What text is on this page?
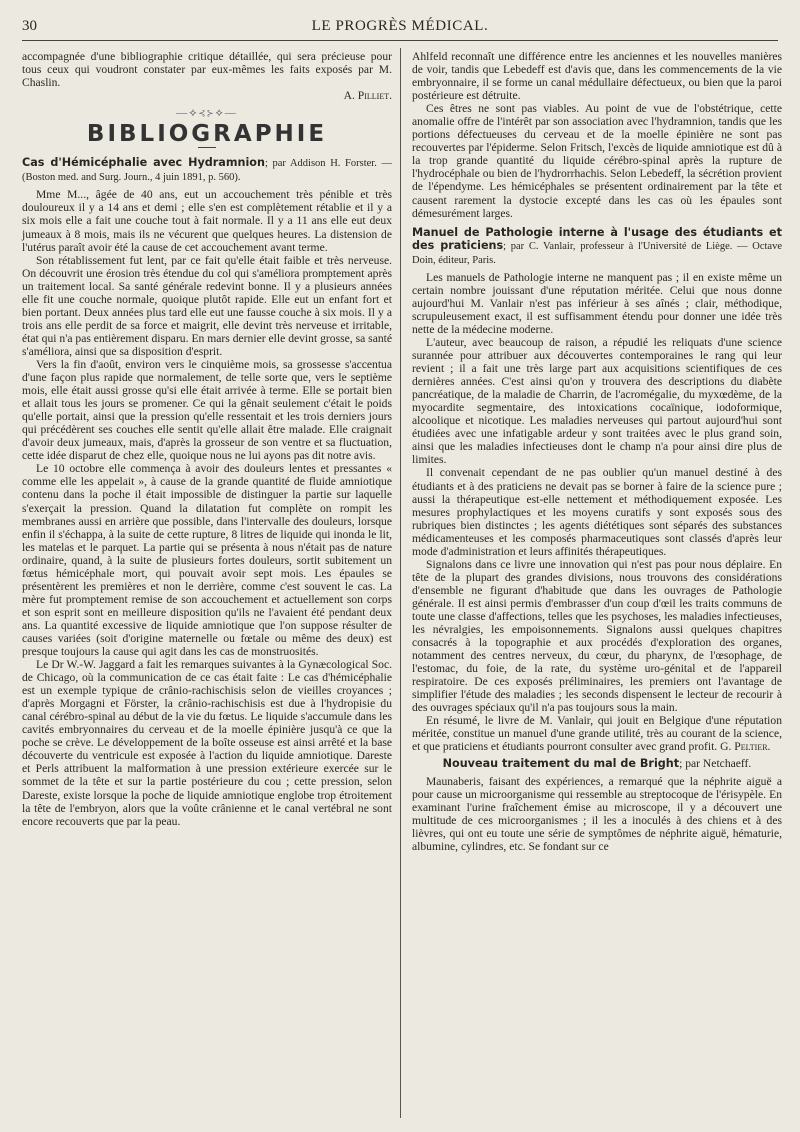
30	LE PROGRÈS MÉDICAL.

accompagnée d'une bibliographie critique détaillée, qui sera précieuse pour tous ceux qui voudront constater par eux-mêmes les faits exposés par M. Chaslin.

A. Pilliet.

—⟡⊰⊱⟡—
BIBLIOGRAPHIE

Cas d'Hémicéphalie avec Hydramnion; par Addison H. Forster. — (Boston med. and Surg. Journ., 4 juin 1891, p. 560).

Mme M..., âgée de 40 ans, eut un accouchement très pénible et très douloureux il y a 14 ans et demi ; elle s'en est complètement rétablie et il y a six mois elle a fait une couche tout à fait normale. Il y a 11 ans elle eut deux jumeaux à 8 mois, mais ils ne vécurent que quelques heures. La distension de l'utérus paraît avoir été la cause de cet accouchement avant terme.

Son rétablissement fut lent, par ce fait qu'elle était faible et très nerveuse. On découvrit une érosion très étendue du col qui s'améliora promptement après un traitement local. Sa santé générale redevint bonne. Il y a plusieurs années elle fit une couche normale, quoique plutôt rapide. Elle eut un enfant fort et bien portant. Deux années plus tard elle eut une fausse couche à six mois. Il y a trois ans elle perdit de sa force et maigrit, elle devint très nerveuse et irritable, état qui n'a pas entièrement disparu. En mars dernier elle devint grosse, sa santé s'améliora, ainsi que sa disposition d'esprit.

Vers la fin d'août, environ vers le cinquième mois, sa grossesse s'accentua d'une façon plus rapide que normalement, de telle sorte que, vers le septième mois, elle était aussi grosse qu'si elle était arrivée à terme. Elle se portait bien et allait tous les jours se promener. Ce qui la gênait seulement c'était le poids qu'elle portait, ainsi que la pression qu'elle ressentait et les trois derniers jours qui précédèrent ses couches elle sentit qu'elle allait être malade. Elle craignait d'avoir deux jumeaux, mais, d'après la grosseur de son ventre et sa fluctuation, cette idée disparut de chez elle, quoique nous ne lui ayons pas dit notre avis.

Le 10 octobre elle commença à avoir des douleurs lentes et pressantes « comme elle les appelait », à cause de la grande quantité de fluide amniotique contenu dans la poche il était impossible de distinguer la partie sur laquelle s'exerçait la pression. Quand la dilatation fut complète on rompit les membranes aussi en arrière que possible, dans l'intervalle des douleurs, lorsque enfin il s'échappa, à la suite de cette rupture, 8 litres de liquide qui inonda le lit, les matelas et le parquet. La partie qui se présenta à nous n'était pas de nature ordinaire, quand, à la suite de plusieurs fortes douleurs, sortit subitement un fœtus hémicéphale mort, qui pouvait avoir sept mois. Les épaules se présentèrent les premières et non le derrière, comme c'est souvent le cas. La mère fut promptement remise de son accouchement et actuellement son corps et son esprit sont en meilleure disposition qu'ils ne l'avaient été pendant deux ans. La quantité excessive de liquide amniotique que l'on suppose résulter de causes variées (soit d'origine maternelle ou fœtale ou même des deux) est presque toujours la cause qui agit dans les cas de monstruosités.

Le Dr W.-W. Jaggard a fait les remarques suivantes à la Gynæcological Soc. de Chicago, où la communication de ce cas était faite : Le cas d'hémicéphalie est un exemple typique de crânio-rachischisis selon de vieilles croyances ; d'après Morgagni et Förster, la crânio-rachischisis est due à l'hydropisie du canal cérébro-spinal au début de la vie du fœtus. Le liquide s'accumule dans les cavités embryonnaires du cerveau et de la moelle épinière jusqu'à ce que la poche se crève. Le développement de la boîte osseuse est ainsi arrêté et la base découverte du ventricule est exposée à l'action du liquide amniotique. Dareste et Perls attribuent la malformation à une pression extérieure exercée sur le sommet de la tête et sur la partie postérieure du cou ; cette pression, selon Dareste, existe lorsque la poche de liquide amniotique englobe trop étroitement la tête de l'embryon, alors que la voûte crânienne et le canal vertébral ne sont encore recouverts que par la peau.

Ahlfeld reconnaît une différence entre les anciennes et les nouvelles manières de voir, tandis que Lebedeff est d'avis que, dans les commencements de la vie embryonnaire, il se forme un canal médullaire défectueux, ou bien que la paroi postérieure est détruite.

Ces êtres ne sont pas viables. Au point de vue de l'obstétrique, cette anomalie offre de l'intérêt par son association avec l'hydramnion, tandis que les portions défectueuses du cerveau et de la moelle épinière ne sont pas recouvertes par l'épiderme. Selon Fritsch, l'excès de liquide amniotique est dû à la trop grande quantité du liquide cérébro-spinal après la rupture de l'hydrocéphale ou bien de l'hydrorrhachis. Selon Lebedeff, la sécrétion provient de l'épendyme. Les hémicéphales se présentent ordinairement par la tête et causent rarement la dystocie excepté dans les cas où les épaules sont démesurément larges.

Manuel de Pathologie interne à l'usage des étudiants et des praticiens; par C. Vanlair, professeur à l'Université de Liège. — Octave Doin, éditeur, Paris.

Les manuels de Pathologie interne ne manquent pas ; il en existe même un certain nombre jouissant d'une réputation méritée. Celui que nous donne aujourd'hui M. Vanlair n'est pas inférieur à ses aînés ; clair, méthodique, scrupuleusement exact, il est suffisamment étendu pour donner une idée très nette de la médecine moderne.

L'auteur, avec beaucoup de raison, a répudié les reliquats d'une science surannée pour attribuer aux découvertes contemporaines le rang qui leur revient ; il a fait une très large part aux acquisitions scientifiques de ces dernières années. C'est ainsi qu'on y trouvera des descriptions du diabète pancréatique, de la maladie de Charrin, de l'acromégalie, du myxœdème, de la myocardite segmentaire, des intoxications cocaïnique, iodoformique, alcoolique et nicotique. Les maladies nerveuses qui partout aujourd'hui sont étudiées avec une infatigable ardeur y sont traitées avec le plus grand soin, ainsi que les maladies infectieuses dont le champ n'a pour ainsi dire plus de limites.

Il convenait cependant de ne pas oublier qu'un manuel destiné à des étudiants et à des praticiens ne devait pas se borner à faire de la science pure ; aussi la thérapeutique est-elle nettement et méthodiquement exposée. Les mesures prophylactiques et les moyens curatifs y sont exposés sous des rubriques bien distinctes ; les agents diététiques sont séparés des substances médicamenteuses et les composés pharmaceutiques sont classés d'après leur mode d'administration et leurs affinités thérapeutiques.

Signalons dans ce livre une innovation qui n'est pas pour nous déplaire. En tête de la plupart des grandes divisions, nous trouvons des considérations d'ensemble ne figurant d'habitude que dans les ouvrages de Pathologie générale. Il est ainsi permis d'embrasser d'un coup d'œil les traits communs de toute une classe d'affections, telles que les psychoses, les maladies infectieuses, les névralgies, les empoisonnements. Signalons aussi quelques chapitres consacrés à la topographie et aux procédés d'exploration des organes, notamment des centres nerveux, du cœur, du pharynx, de l'œsophage, de l'estomac, du foie, de la rate, du système uro-génital et de l'appareil respiratoire. De ces exposés préliminaires, les premiers ont l'avantage de simplifier l'étude des maladies ; les seconds dispensent le lecteur de recourir à des ouvrages spéciaux qu'il n'a pas toujours sous la main.

En résumé, le livre de M. Vanlair, qui jouit en Belgique d'une réputation méritée, constitue un manuel d'une grande utilité, très au courant de la science, et que praticiens et étudiants pourront consulter avec grand profit. G. Peltier.

Nouveau traitement du mal de Bright; par Netchaeff.

Maunaberis, faisant des expériences, a remarqué que la néphrite aiguë a pour cause un microorganisme qui ressemble au streptocoque de l'érisypèle. En examinant l'urine fraîchement émise au microscope, il y a découvert une multitude de ces microorganismes ; il les a inoculés à des chiens et à des lièvres, qui ont eu toute une série de symptômes de néphrite aiguë, hématurie, albumine, cylindres, etc. Se fondant sur ce
